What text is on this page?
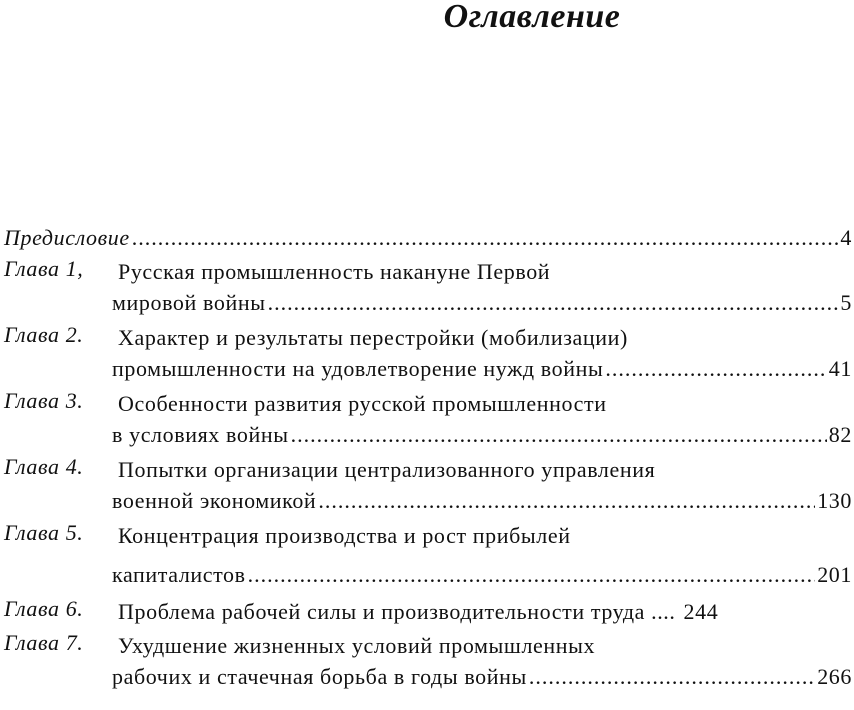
Оглавление
Предисловие .....	4
Глава 1,	Русская промышленность накануне Первой
мировой войны .....	5
Глава 2.	Характер и результаты перестройки (мобилизации)
промышленности на удовлетворение нужд войны .....	41
Глава 3.	Особенности развития русской промышленности
в условиях войны .....	82
Глава 4.	Попытки организации централизованного управления
военной экономикой .....	130
Глава 5.	Концентрация производства и рост прибылей
капиталистов .....	201
Глава 6. Проблема рабочей силы и производительности труда .... 244
Глава 7.	Ухудшение жизненных условий промышленных
рабочих и стачечная борьба в годы войны .....	266
